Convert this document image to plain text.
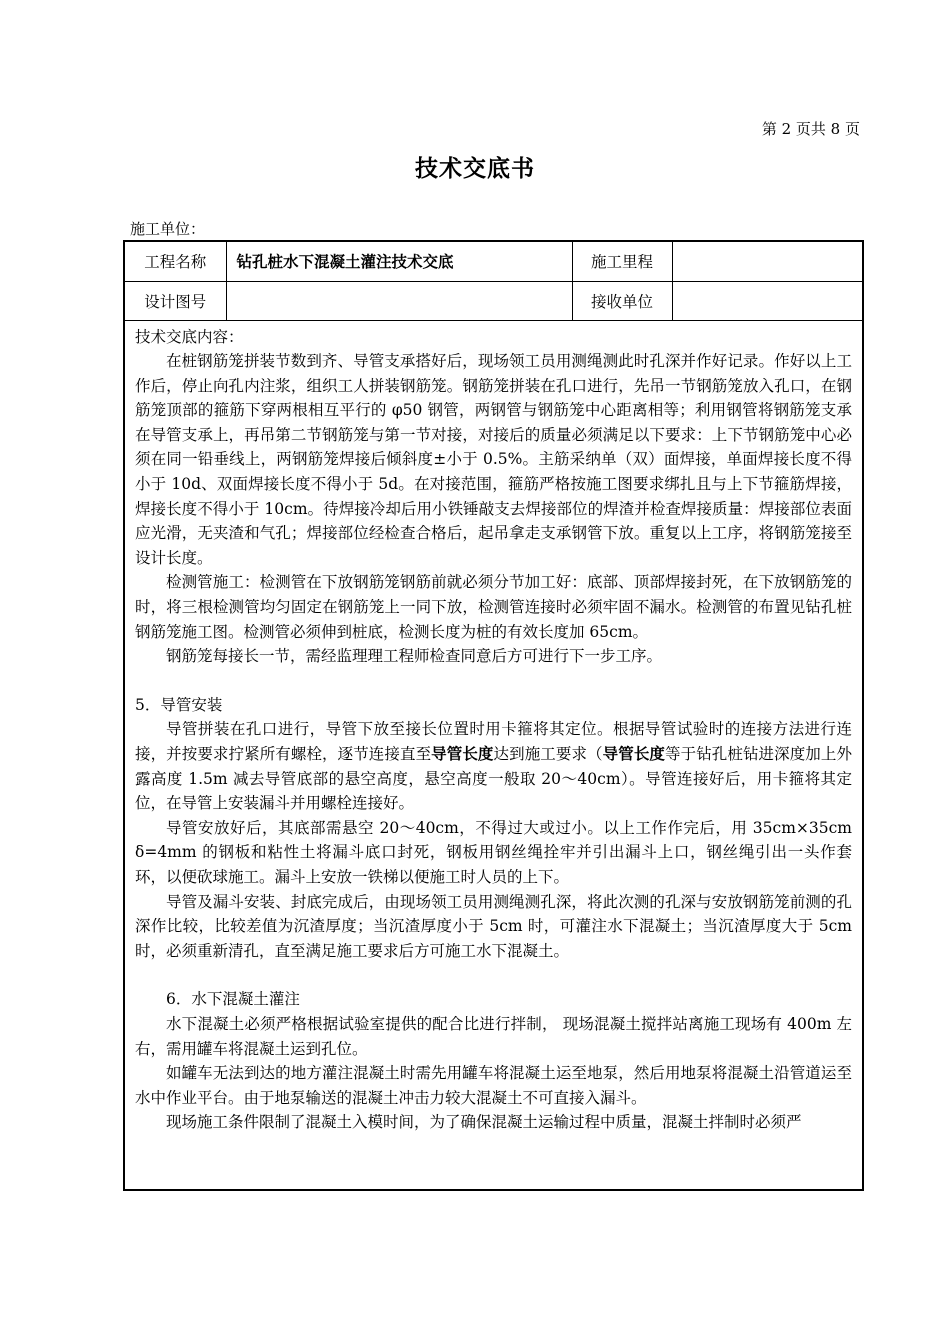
第 2 页共 8 页
技术交底书
施工单位：
工程名称	钻孔桩水下混凝土灌注技术交底	施工里程	
设计图号		接收单位	

技术交底内容：

在桩钢筋笼拼装节数到齐、导管支承搭好后，现场领工员用测绳测此时孔深并作好记录。作好以上工作后，停止向孔内注浆，组织工人拼装钢筋笼。钢筋笼拼装在孔口进行，先吊一节钢筋笼放入孔口，在钢筋笼顶部的箍筋下穿两根相互平行的 φ50 钢管，两钢管与钢筋笼中心距离相等；利用钢管将钢筋笼支承在导管支承上，再吊第二节钢筋笼与第一节对接，对接后的质量必须满足以下要求：上下节钢筋笼中心必须在同一铅垂线上，两钢筋笼焊接后倾斜度±小于 0.5%。主筋采纳单（双）面焊接，单面焊接长度不得小于 10d、双面焊接长度不得小于 5d。在对接范围，箍筋严格按施工图要求绑扎且与上下节箍筋焊接，焊接长度不得小于 10cm。待焊接冷却后用小铁锤敲支去焊接部位的焊渣并检查焊接质量：焊接部位表面应光滑，无夹渣和气孔；焊接部位经检查合格后，起吊拿走支承钢管下放。重复以上工序，将钢筋笼接至设计长度。

检测管施工：检测管在下放钢筋笼钢筋前就必须分节加工好：底部、顶部焊接封死，在下放钢筋笼的时，将三根检测管均匀固定在钢筋笼上一同下放，检测管连接时必须牢固不漏水。检测管的布置见钻孔桩钢筋笼施工图。检测管必须伸到桩底，检测长度为桩的有效长度加 65cm。

钢筋笼每接长一节，需经监理理工程师检查同意后方可进行下一步工序。

5．导管安装

导管拼装在孔口进行，导管下放至接长位置时用卡箍将其定位。根据导管试验时的连接方法进行连接，并按要求拧紧所有螺栓，逐节连接直至导管长度达到施工要求（导管长度等于钻孔桩钻进深度加上外露高度 1.5m 减去导管底部的悬空高度，悬空高度一般取 20～40cm）。导管连接好后，用卡箍将其定位，在导管上安装漏斗并用螺栓连接好。

导管安放好后，其底部需悬空 20～40cm，不得过大或过小。以上工作作完后，用 35cm×35cm δ=4mm 的钢板和粘性土将漏斗底口封死，钢板用钢丝绳拴牢并引出漏斗上口，钢丝绳引出一头作套环，以便砍球施工。漏斗上安放一铁梯以便施工时人员的上下。

导管及漏斗安装、封底完成后，由现场领工员用测绳测孔深，将此次测的孔深与安放钢筋笼前测的孔深作比较，比较差值为沉渣厚度；当沉渣厚度小于 5cm 时，可灌注水下混凝土；当沉渣厚度大于 5cm 时，必须重新清孔，直至满足施工要求后方可施工水下混凝土。

6．水下混凝土灌注

水下混凝土必须严格根据试验室提供的配合比进行拌制， 现场混凝土搅拌站离施工现场有 400m 左右，需用罐车将混凝土运到孔位。

如罐车无法到达的地方灌注混凝土时需先用罐车将混凝土运至地泵，然后用地泵将混凝土沿管道运至水中作业平台。由于地泵输送的混凝土冲击力较大混凝土不可直接入漏斗。

现场施工条件限制了混凝土入模时间，为了确保混凝土运输过程中质量，混凝土拌制时必须严
